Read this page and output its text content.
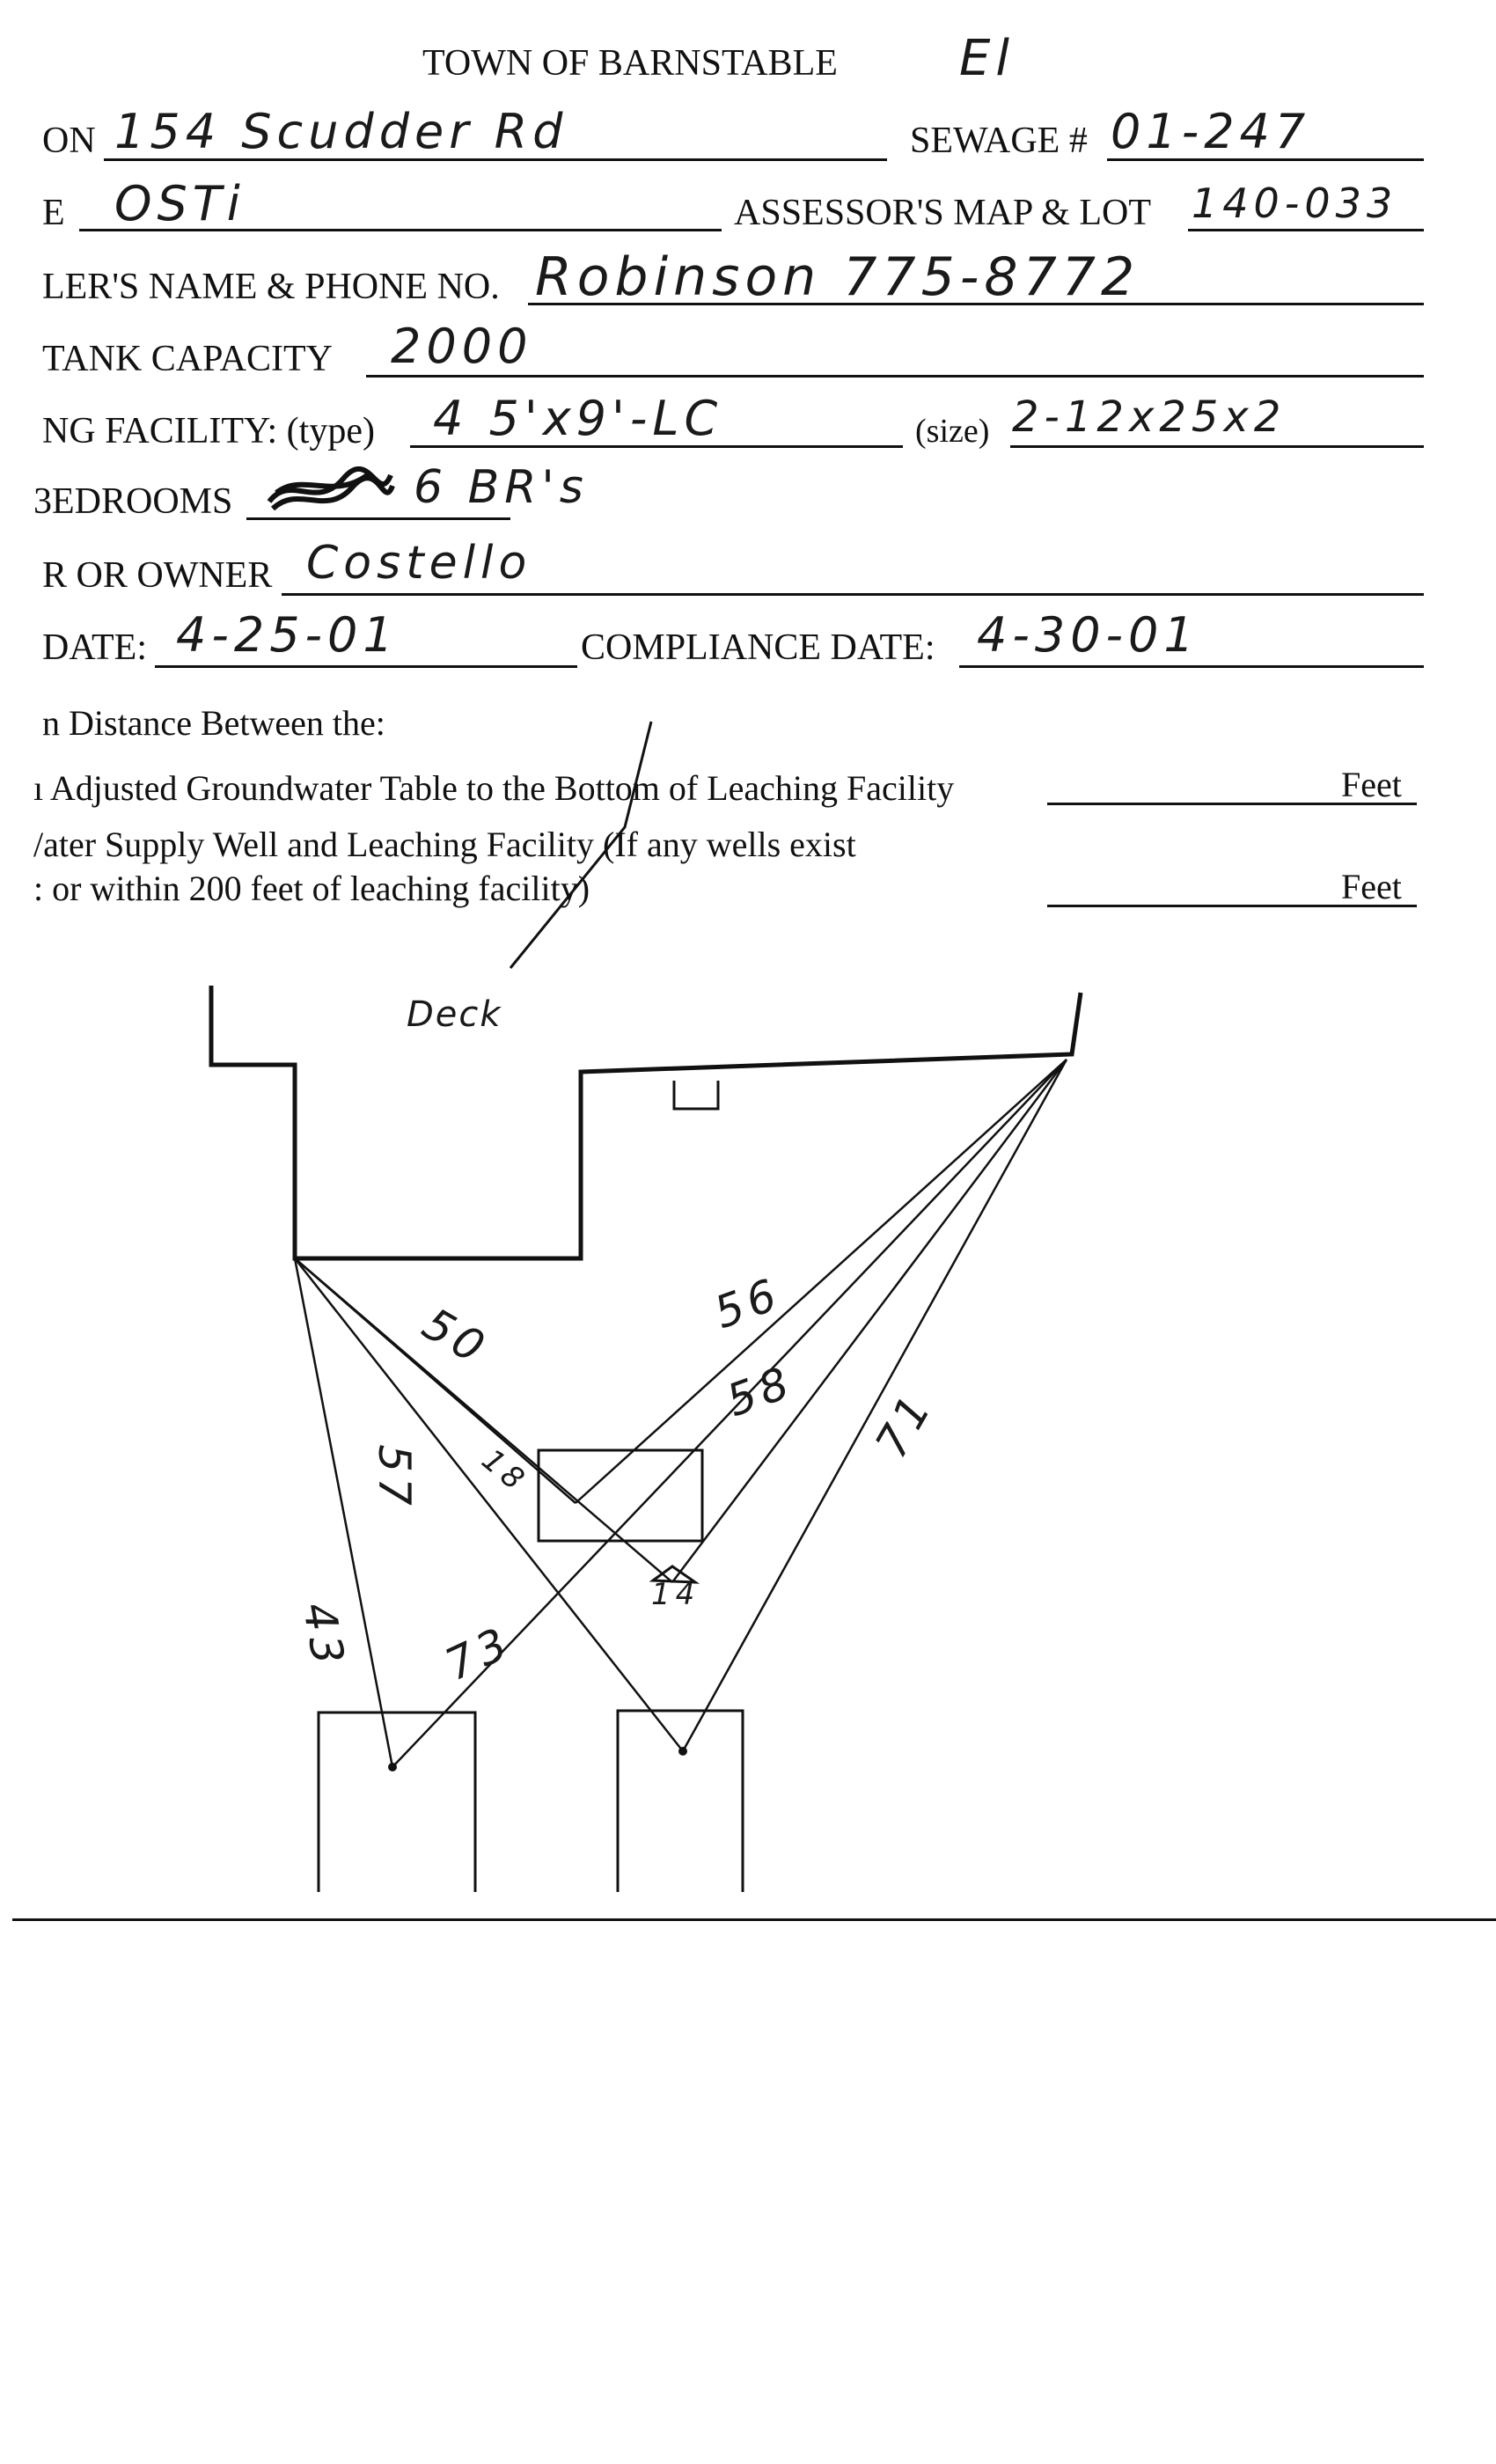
TOWN OF BARNSTABLE El
ON 154 Scudder Rd	SEWAGE # 01-247
E OSTi	ASSESSOR'S MAP & LOT 140-033
LER'S NAME & PHONE NO. Robinson 775-8772
TANK CAPACITY 2000
NG FACILITY: (type) 4 5'x9'-LC	(size) 2-12x25x2
3EDROOMS	6 BR's
R OR OWNER Costello
DATE: 4-25-01	COMPLIANCE DATE: 4-30-01
n Distance Between the:
ı Adjusted Groundwater Table to the Bottom of Leaching Facility	Feet
/ater Supply Well and Leaching Facility (If any wells exist
: or within 200 feet of leaching facility)	Feet
Deck
56
58 71
50
57 18
43 73
14
